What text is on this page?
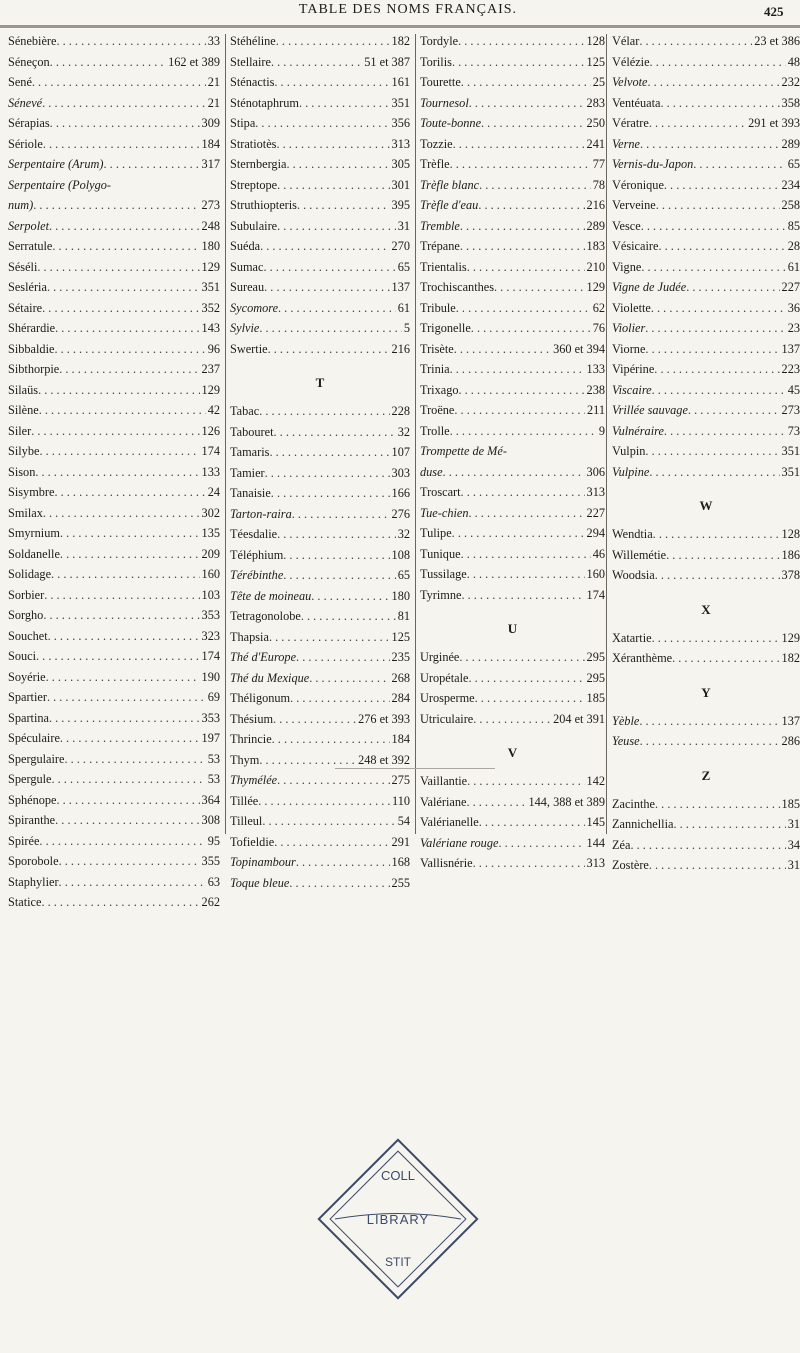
TABLE DES NOMS FRANÇAIS.	425
Sénebière . . .	33
Séneçon . . .	162 et 389
Sené . . .	21
Sénevé . . .	21
Sérapias . . .	309
Sériole . . .	184
Serpentaire (Arum) . . .	317
Serpentaire (Polygo-
num) . . .	273
Serpolet . . .	248
Serratule . . .	180
Séséli . . .	129
Sesléria . . .	351
Sétaire . . .	352
Shérardie . . .	143
Sibbaldie . . .	96
Sibthorpie . . .	237
Silaüs . . .	129
Silène . . .	42
Siler . . .	126
Silybe . . .	174
Sison . . .	133
Sisymbre . . .	24
Smilax . . .	302
Smyrnium . . .	135
Soldanelle . . .	209
Solidage . . .	160
Sorbier . . .	103
Sorgho . . .	353
Souchet . . .	323
Souci . . .	174
Soyérie . . .	190
Spartier . . .	69
Spartina . . .	353
Spéculaire . . .	197
Spergulaire . . .	53
Spergule . . .	53
Sphénope . . .	364
Spiranthe . . .	308
Spirée . . .	95
Sporobole . . .	355
Staphylier . . .	63
Statice . . .	262
Stéhéline . . .	182
Stellaire . . .	51 et 387
Sténactis . . .	161
Sténotaphrum . . .	351
Stipa . . .	356
Stratiotès . . .	313
Sternbergia . . .	305
Streptope . . .	301
Struthiopteris . . .	395
Subulaire . . .	31
Suéda . . .	270
Sumac . . .	65
Sureau . . .	137
Sycomore . . .	61
Sylvie . . .	5
Swertie . . .	216
T
Tabac . . .	228
Tabouret . . .	32
Tamaris . . .	107
Tamier . . .	303
Tanaisie . . .	166
Tarton-raira . . .	276
Téesdalie . . .	32
Téléphium . . .	108
Térébinthe . . .	65
Tête de moineau . . .	180
Tetragonolobe . . .	81
Thapsia . . .	125
Thé d'Europe . . .	235
Thé du Mexique . . .	268
Théligonum . . .	284
Thésium . . .	276 et 393
Thrincie . . .	184
Thym . . .	248 et 392
Thymélée . . .	275
Tillée . . .	110
Tilleul . . .	54
Tofieldie . . .	291
Topinambour . . .	168
Toque bleue . . .	255
Tordyle . . .	128
Torilis . . .	125
Tourette . . .	25
Tournesol . . .	283
Toute-bonne . . .	250
Tozzie . . .	241
Trèfle . . .	77
Trèfle blanc . . .	78
Trèfle d'eau . . .	216
Tremble . . .	289
Trépane . . .	183
Trientalis . . .	210
Trochiscanthes . . .	129
Tribule . . .	62
Trigonelle . . .	76
Trisète . . .	360 et 394
Trinia . . .	133
Trixago . . .	238
Troëne . . .	211
Trolle . . .	9
Trompette de Mé-
duse . . .	306
Troscart . . .	313
Tue-chien . . .	227
Tulipe . . .	294
Tunique . . .	46
Tussilage . . .	160
Tyrimne . . .	174
U
Urginée . . .	295
Uropétale . . .	295
Urosperme . . .	185
Utriculaire . . .	204 et 391
V
Vaillantie . . .	142
Valériane . . .	144, 388 et 389
Valérianelle . . .	145
Valériane rouge . . .	144
Vallisnérie . . .	313
Vélar . . .	23 et 386
Vélézie . . .	48
Velvote . . .	232
Ventéuata . . .	358
Vératre . . .	291 et 393
Verne . . .	289
Vernis-du-Japon . . .	65
Véronique . . .	234
Verveine . . .	258
Vesce . . .	85
Vésicaire . . .	28
Vigne . . .	61
Vigne de Judée . . .	227
Violette . . .	36
Violier . . .	23
Viorne . . .	137
Vipérine . . .	223
Viscaire . . .	45
Vrillée sauvage . . .	273
Vulnéraire . . .	73
Vulpin . . .	351
Vulpine . . .	351
W
Wendtia . . .	128
Willemétie . . .	186
Woodsia . . .	378
X
Xatartie . . .	129
Xéranthème . . .	182
Y
Yèble . . .	137
Yeuse . . .	286
Z
Zacinthe . . .	185
Zannichellia . . .	31
Zéa . . .	34
Zostère . . .	31
COLL
LIBRARY
STIT
